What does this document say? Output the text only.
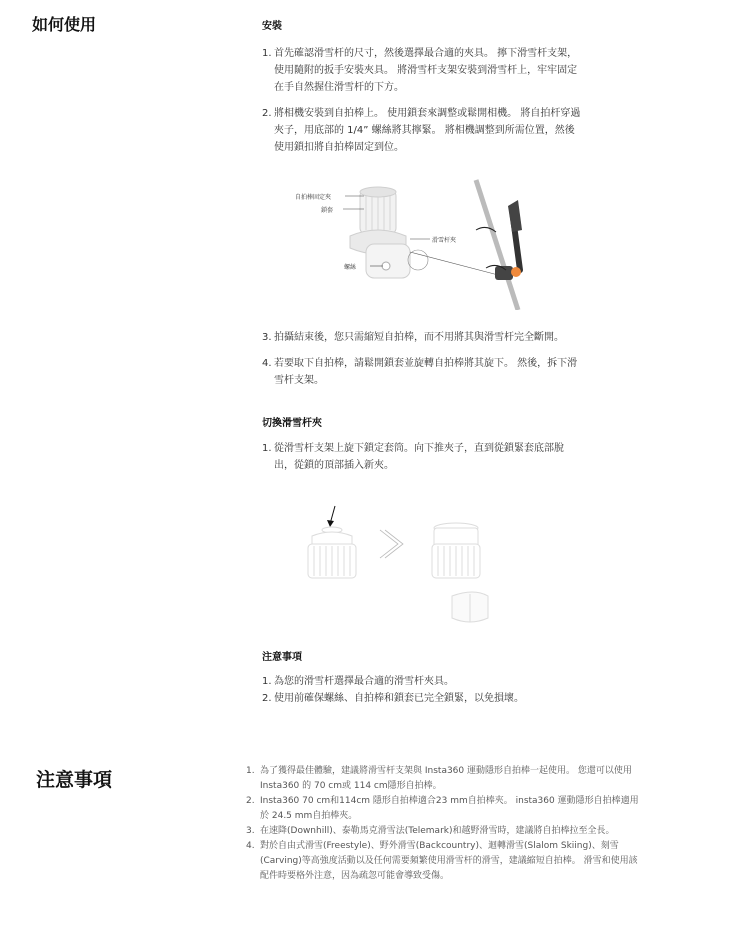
如何使用
注意事項
安裝
1. 首先確認滑雪杆的尺寸，然後選擇最合適的夾具。 擰下滑雪杆支架，使用隨附的扳手安裝夾具。 將滑雪杆支架安裝到滑雪杆上，牢牢固定在手自然握住滑雪杆的下方。
2. 將相機安裝到自拍棒上。 使用鎖套來調整或鬆開相機。 將自拍杆穿過夾子，用底部的 1/4” 螺絲將其擰緊。 將相機調整到所需位置，然後使用鎖扣將自拍棒固定到位。
自拍棒固定夾
鎖套
滑雪杆夾
螺絲
3. 拍攝結束後，您只需縮短自拍棒，而不用將其與滑雪杆完全斷開。
4. 若要取下自拍棒，請鬆開鎖套並旋轉自拍棒將其旋下。 然後，拆下滑雪杆支架。
切換滑雪杆夾
1. 從滑雪杆支架上旋下鎖定套筒。向下推夾子，直到從鎖緊套底部脫出，從鎖的頂部插入新夾。
注意事項
1. 為您的滑雪杆選擇最合適的滑雪杆夾具。
2. 使用前確保螺絲、自拍棒和鎖套已完全鎖緊，以免損壞。
1. 為了獲得最佳體驗，建議將滑雪杆支架與 Insta360 運動隱形自拍棒一起使用。 您還可以使用 Insta360 的 70 cm或 114 cm隱形自拍棒。
2. Insta360 70 cm和114cm 隱形自拍棒適合23 mm自拍棒夾。 insta360 運動隱形自拍棒適用於 24.5 mm自拍棒夾。
3. 在速降(Downhill)、泰勒馬克滑雪法(Telemark)和越野滑雪時，建議將自拍棒拉至全長。
4. 對於自由式滑雪(Freestyle)、野外滑雪(Backcountry)、迴轉滑雪(Slalom Skiing)、刻雪(Carving)等高強度活動以及任何需要頻繁使用滑雪杆的滑雪，建議縮短自拍棒。 滑雪和使用該配件時要格外注意，因為疏忽可能會導致受傷。
